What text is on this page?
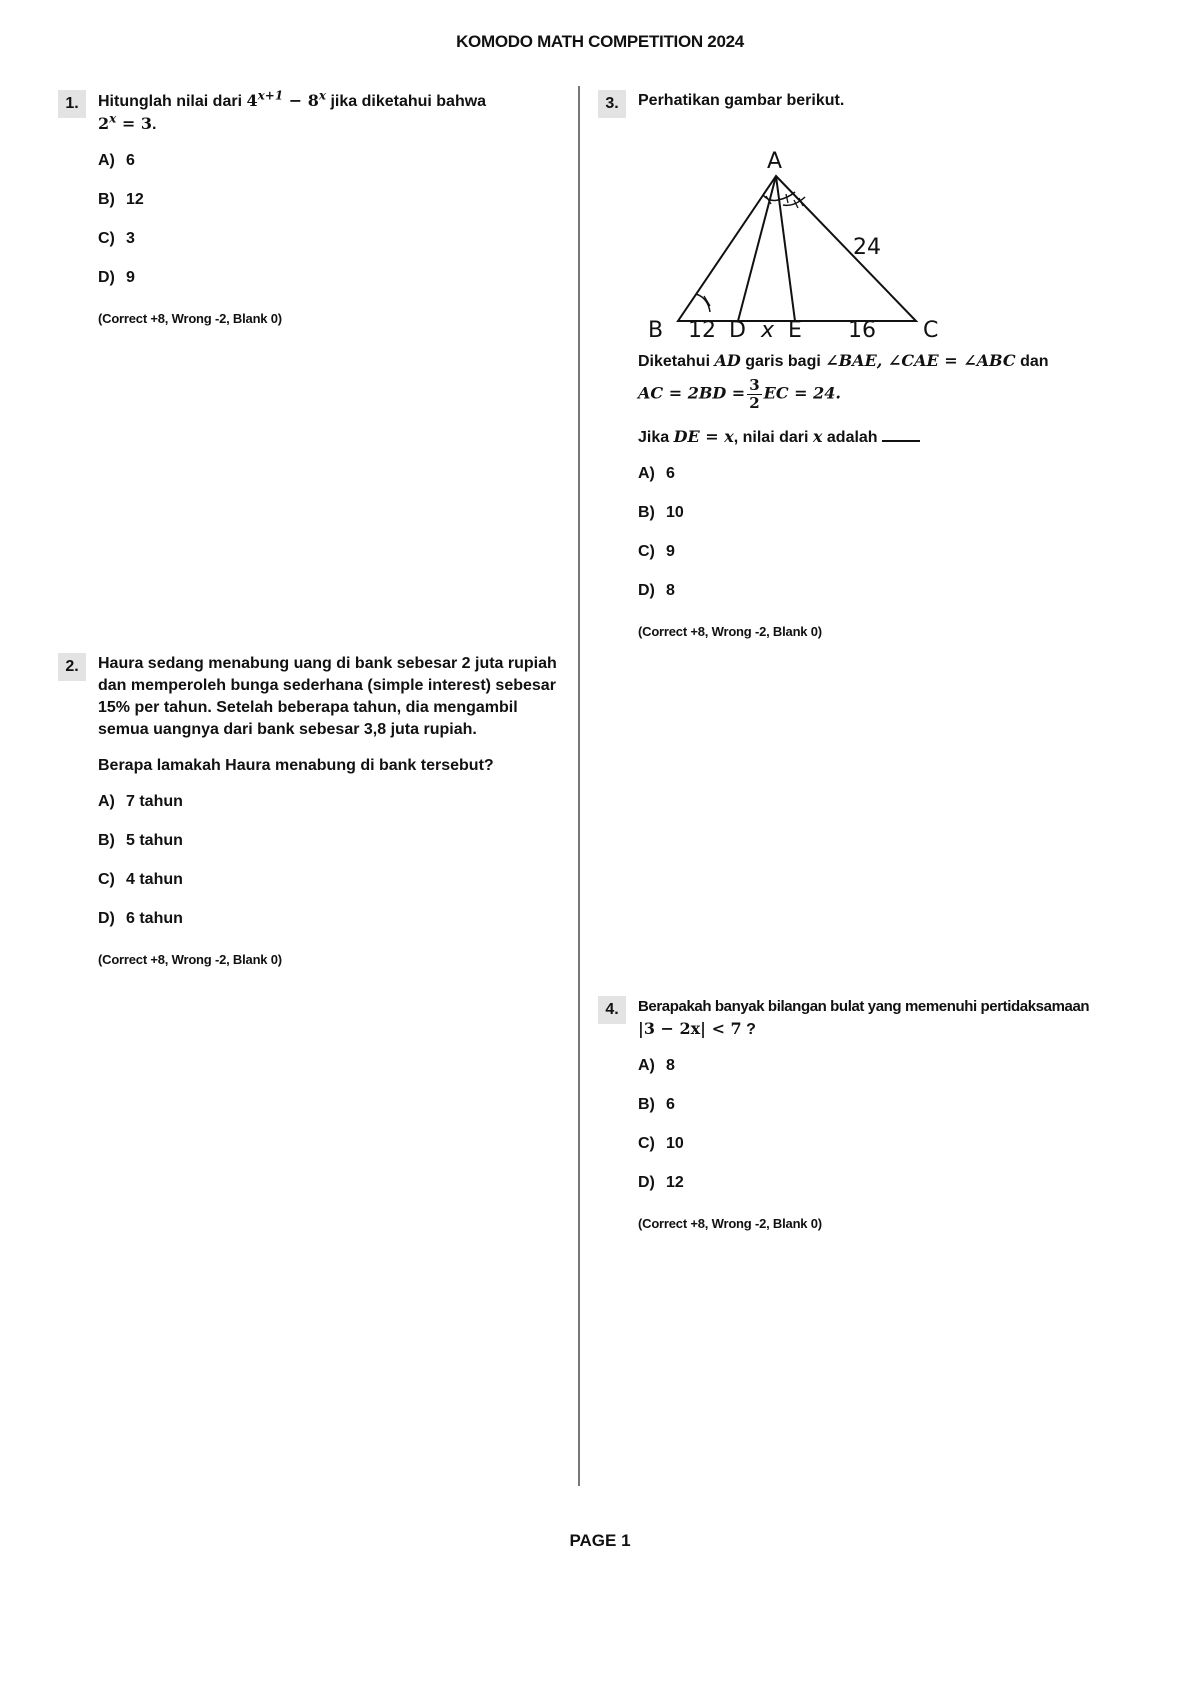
KOMODO MATH COMPETITION 2024
1.	Hitunglah nilai dari $4^{x+1} - 8^x$ jika diketahui bahwa
$2^x = 3$.
A) 6
B) 12
C) 3
D) 9
(Correct +8, Wrong -2, Blank 0)
2.	Haura sedang menabung uang di bank sebesar 2 juta rupiah dan memperoleh bunga sederhana (simple interest) sebesar 15% per tahun. Setelah beberapa tahun, dia mengambil semua uangnya dari bank sebesar 3,8 juta rupiah.
Berapa lamakah Haura menabung di bank tersebut?
A) 7 tahun
B) 5 tahun
C) 4 tahun
D) 6 tahun
(Correct +8, Wrong -2, Blank 0)
3.	Perhatikan gambar berikut.
A
B	C
D E
24
12 x	16
Diketahui AD garis bagi ∠BAE, ∠CAE = ∠ABC dan
AC = $2BD = \frac{3}{2}$ EC = 24.
Jika DE = x, nilai dari x adalah
A) 6
B) 10
C) 9
D) 8
(Correct +8, Wrong -2, Blank 0)
4.	Berapakah banyak bilangan bulat yang memenuhi pertidaksamaan
|3 − 2x| < 7 ?
A) 8
B) 6
C) 10
D) 12
(Correct +8, Wrong -2, Blank 0)
PAGE 1
